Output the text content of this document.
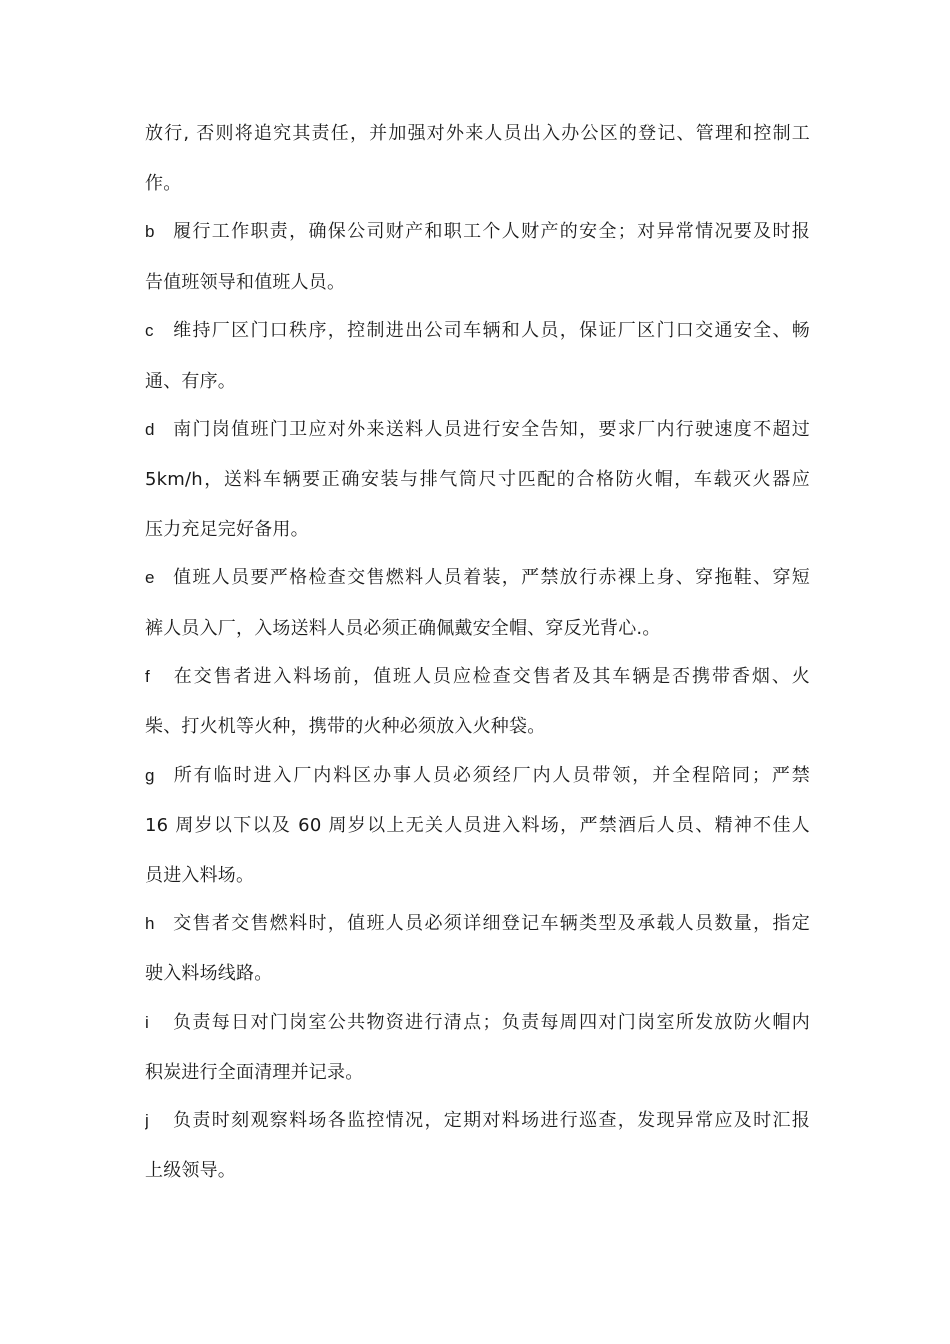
放行, 否则将追究其责任，并加强对外来人员出入办公区的登记、管理和控制工
作。
b 履行工作职责，确保公司财产和职工个人财产的安全；对异常情况要及时报
告值班领导和值班人员。
c 维持厂区门口秩序，控制进出公司车辆和人员，保证厂区门口交通安全、畅
通、有序。
d 南门岗值班门卫应对外来送料人员进行安全告知，要求厂内行驶速度不超过
5km/h，送料车辆要正确安装与排气筒尺寸匹配的合格防火帽，车载灭火器应
压力充足完好备用。
e 值班人员要严格检查交售燃料人员着装，严禁放行赤裸上身、穿拖鞋、穿短
裤人员入厂，入场送料人员必须正确佩戴安全帽、穿反光背心.。
f 在交售者进入料场前，值班人员应检查交售者及其车辆是否携带香烟、火
柴、打火机等火种，携带的火种必须放入火种袋。
g 所有临时进入厂内料区办事人员必须经厂内人员带领，并全程陪同；严禁
16 周岁以下以及 60 周岁以上无关人员进入料场，严禁酒后人员、精神不佳人
员进入料场。
h 交售者交售燃料时，值班人员必须详细登记车辆类型及承载人员数量，指定
驶入料场线路。
i 负责每日对门岗室公共物资进行清点；负责每周四对门岗室所发放防火帽内
积炭进行全面清理并记录。
j 负责时刻观察料场各监控情况，定期对料场进行巡查，发现异常应及时汇报
上级领导。
